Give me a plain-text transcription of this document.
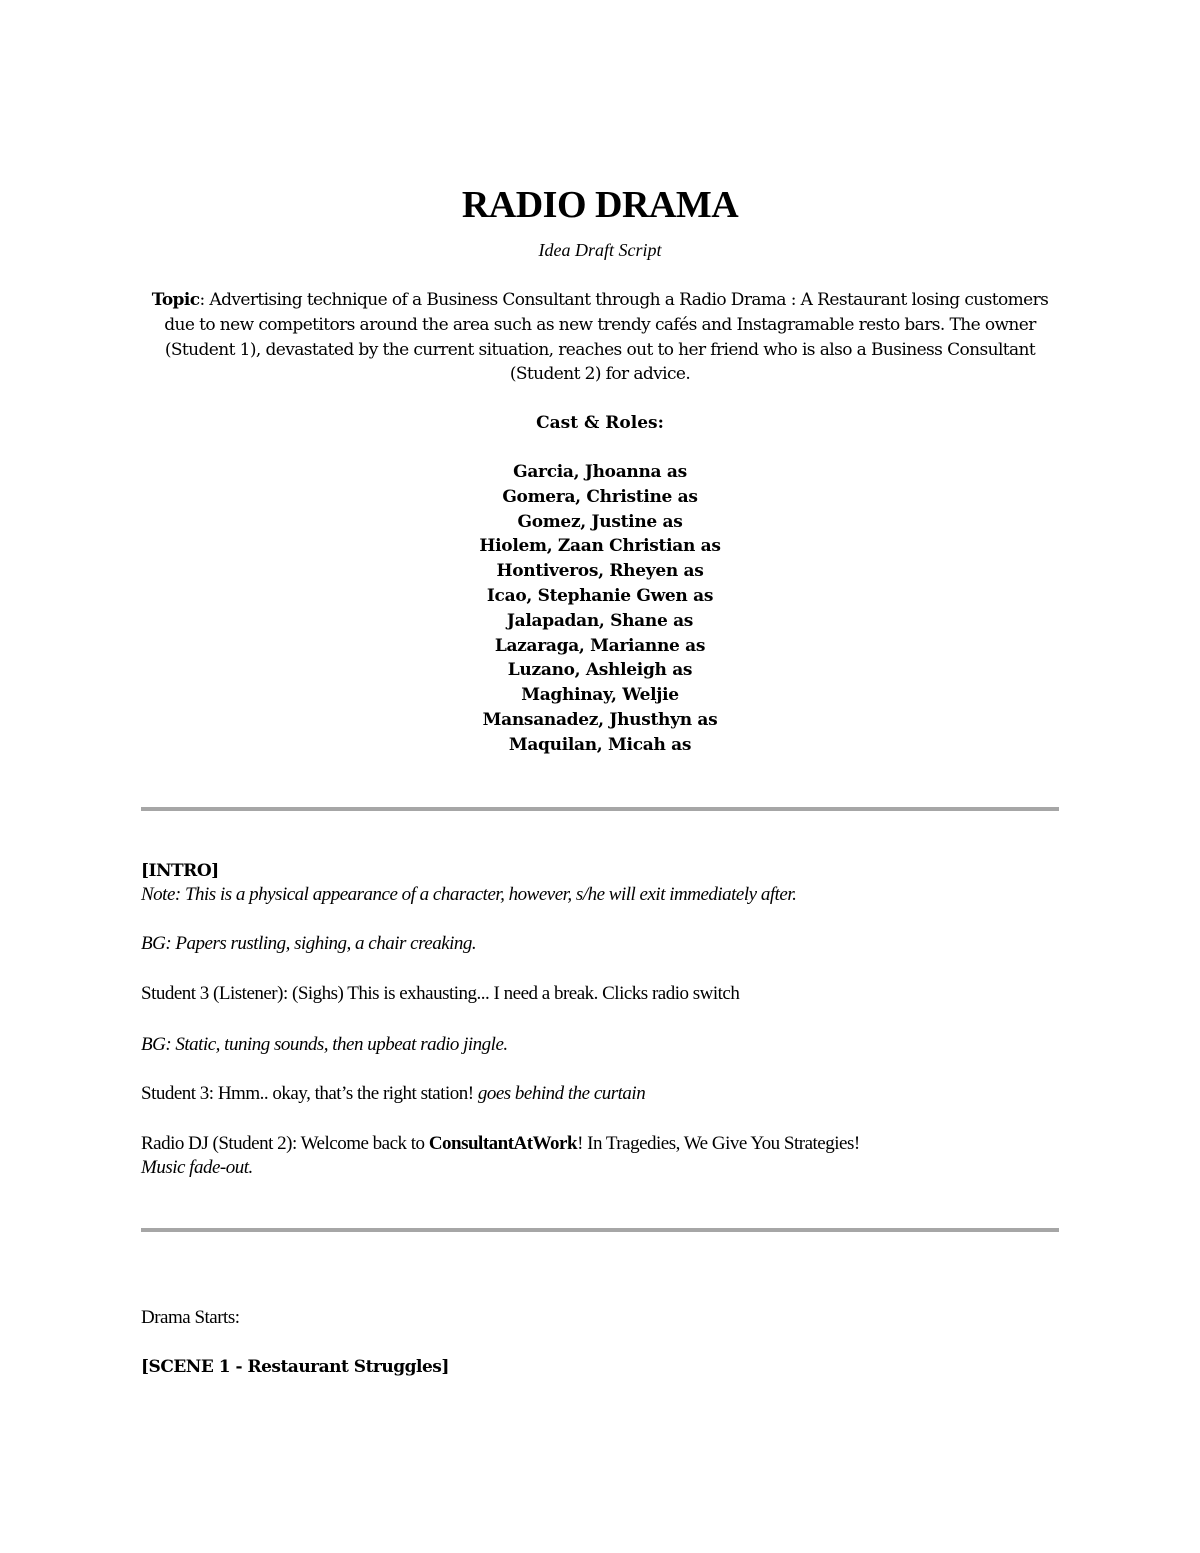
RADIO DRAMA
Idea Draft Script
Topic: Advertising technique of a Business Consultant through a Radio Drama : A Restaurant losing customers due to new competitors around the area such as new trendy cafés and Instagramable resto bars. The owner (Student 1), devastated by the current situation, reaches out to her friend who is also a Business Consultant (Student 2) for advice.
Cast & Roles:
Garcia, Jhoanna as
Gomera, Christine as
Gomez, Justine as
Hiolem, Zaan Christian as
Hontiveros, Rheyen as
Icao, Stephanie Gwen as
Jalapadan, Shane as
Lazaraga, Marianne as
Luzano, Ashleigh as
Maghinay, Weljie
Mansanadez, Jhusthyn as
Maquilan, Micah as
[INTRO]
Note: This is a physical appearance of a character, however, s/he will exit immediately after.
BG: Papers rustling, sighing, a chair creaking.
Student 3 (Listener): (Sighs) This is exhausting... I need a break. Clicks radio switch
BG: Static, tuning sounds, then upbeat radio jingle.
Student 3: Hmm.. okay, that’s the right station! goes behind the curtain
Radio DJ (Student 2): Welcome back to ConsultantAtWork! In Tragedies, We Give You Strategies!
Music fade-out.
Drama Starts:
[SCENE 1 - Restaurant Struggles]
